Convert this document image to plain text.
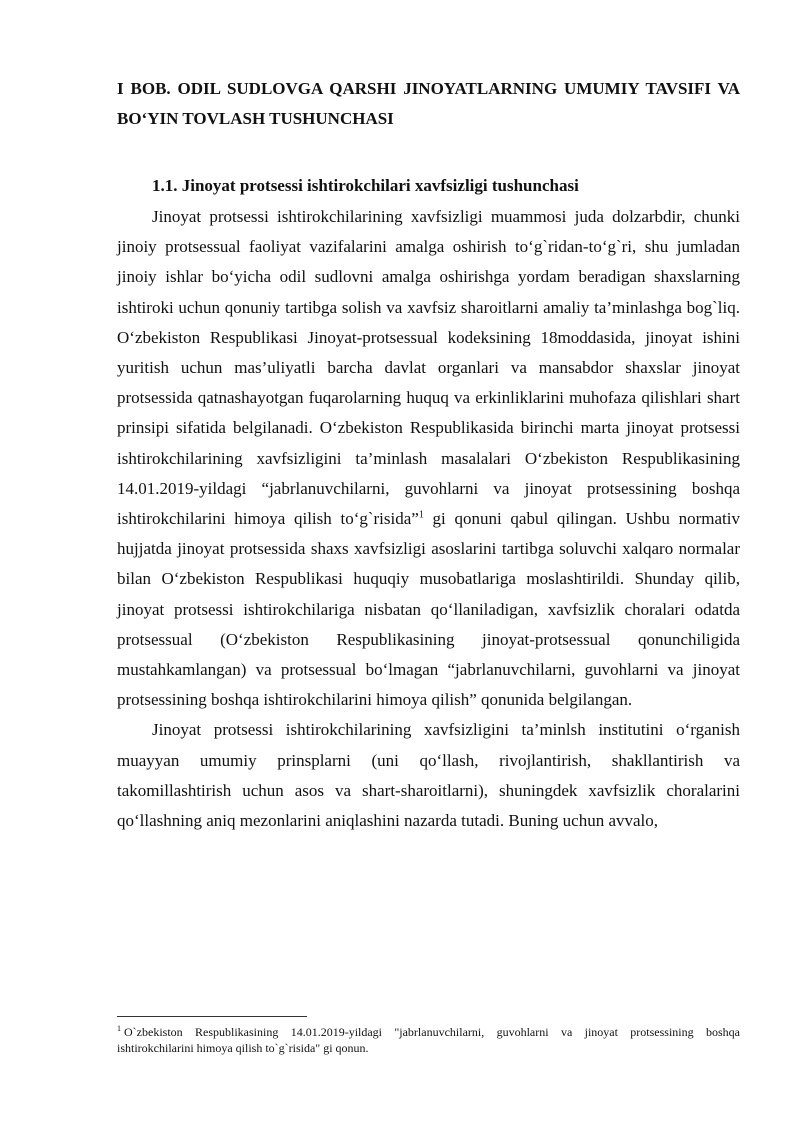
I BOB. ODIL SUDLOVGA QARSHI JINOYATLARNING UMUMIY TAVSIFI VA BO‘YIN TOVLASH TUSHUNCHASI
1.1. Jinoyat protsessi ishtirokchilari xavfsizligi tushunchasi

Jinoyat protsessi ishtirokchilarining xavfsizligi muammosi juda dolzarbdir, chunki jinoiy protsessual faoliyat vazifalarini amalga oshirish to‘g`ridan-to‘g`ri, shu jumladan jinoiy ishlar bo‘yicha odil sudlovni amalga oshirishga yordam beradigan shaxslarning ishtiroki uchun qonuniy tartibga solish va xavfsiz sharoitlarni amaliy ta’minlashga bog`liq. O‘zbekiston Respublikasi Jinoyat-protsessual kodeksining 18moddasida, jinoyat ishini yuritish uchun mas’uliyatli barcha davlat organlari va mansabdor shaxslar jinoyat protsessida qatnashayotgan fuqarolarning huquq va erkinliklarini muhofaza qilishlari shart prinsipi sifatida belgilanadi. O‘zbekiston Respublikasida birinchi marta jinoyat protsessi ishtirokchilarining xavfsizligini ta’minlash masalalari O‘zbekiston Respublikasining 14.01.2019-yildagi “jabrlanuvchilarni, guvohlarni va jinoyat protsessining boshqa ishtirokchilarini himoya qilish to‘g`risida”$^1$ gi qonuni qabul qilingan. Ushbu normativ hujjatda jinoyat protsessida shaxs xavfsizligi asoslarini tartibga soluvchi xalqaro normalar bilan O‘zbekiston Respublikasi huquqiy musobatlariga moslashtirildi. Shunday qilib, jinoyat protsessi ishtirokchilariga nisbatan qo‘llaniladigan, xavfsizlik choralari odatda protsessual (O‘zbekiston Respublikasining jinoyat-protsessual qonunchiligida mustahkamlangan) va protsessual bo‘lmagan “jabrlanuvchilarni, guvohlarni va jinoyat protsessining boshqa ishtirokchilarini himoya qilish” qonunida belgilangan.

Jinoyat protsessi ishtirokchilarining xavfsizligini ta’minlsh institutini o‘rganish muayyan umumiy prinsplarni (uni qo‘llash, rivojlantirish, shakllantirish va takomillashtirish uchun asos va shart-sharoitlarni), shuningdek xavfsizlik choralarini qo‘llashning aniq mezonlarini aniqlashini nazarda tutadi. Buning uchun avvalo,

$^1$ O`zbekiston Respublikasining 14.01.2019-yildagi "jabrlanuvchilarni, guvohlarni va jinoyat protsessining boshqa ishtirokchilarini himoya qilish to`g`risida" gi qonun.
